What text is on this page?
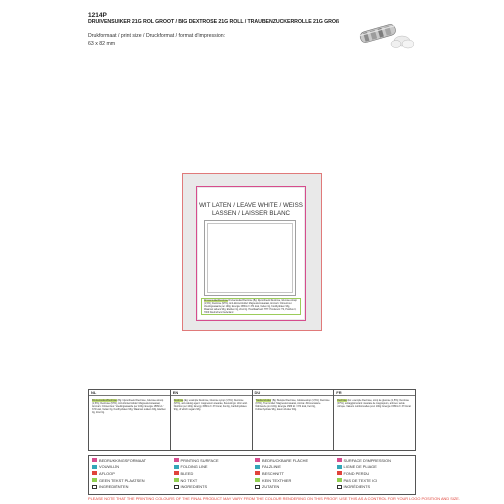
1214P
DRUIVENSUIKER 21G ROL GROOT / BIG DEXTROSE 21G ROLL / TRAUBENZUCKERROLLE 21G GROß
Drukformaat / print size / Druckformat / format d'impression:
63 x 82 mm
WIT LATEN / LEAVE WHITE / WEISS
LASSEN / LAISSER BLANC
Druivensuiker/Dextrose Druivensuiker/Dextrose (Bg: bijvoorbeeld Dextrose, Glucose-stroop (1,5%); Dextrose (97%), Anti-klontermiddel: Magnesiumstearaat, Aroma's: Citroenzuur. Voedingswaarde per 100g: Energie 1589 kJ / 374 kcal, Vetten 0g, Koolhydraten 93g, Waarvan suikers 93g, Eiwitten 0g, Zout 0g. Houdbaarheid: THT. Producent: TS, Postbus 0, 7000 Doetinchem Nederland
NL
Druivensuiker/Dextrose (Bg: bijvoorbeeld Dextrose, Glucose-stroop (1,5%); Dextrose (97%), Anti-klontermiddel: Magnesiumstearaat, Aroma's: Citroenzuur. Voedingswaarde per 100g: Energie 1589 kJ / 374 kcal, Vetten 0g, Koolhydraten 93g, Waarvan suikers 93g, Eiwitten 0g, Zout 0g.
EN
Dextrose (Eg: example Dextrose, Glucose syrup (1,5%); Dextrose (97%), anti-caking agent: magnesium stearate, flavourings: citric acid. Nutrition per 100g: Energy 1589 kJ / 374 kcal, Fat 0g, Carbohydrates 93g, of which sugars 93g.
DU
Traubenzucker (Bg: Beispiel Dextrose, Glukosesirup (1,5%); Dextrose (97%), Trennmittel: Magnesiumstearat, Aroma: Zitronensäure. Nährwerte pro 100g: Energie 1589 kJ / 374 kcal, Fett 0g, Kohlenhydrate 93g, davon Zucker 93g.
FR
Dextrose (Ex: exemple Dextrose, sirop de glucose (1,5%); Dextrose (97%), antiagglomérant: stéarate de magnésium, arômes: acide citrique. Valeurs nutritionnelles pour 100g: Énergie 1589 kJ / 374 kcal.
BEDRUKKINGSFORMAAT
VOUWLIJN
AFLOOP
GEEN TEKST PLAATSEN
INGREDIËNTEN
PRINTING SURFACE
FOLDING LINE
BLEED
NO TEXT
INGREDIENTS
BEDRUCKBARE FLÄCHE
FALZLINIE
BESCHNITT
KEIN TEXTHIER
ZUTATEN
SURFACE D'IMPRESSION
LIGNE DE PLIAGE
FOND PERDU
PAS DE TEXTE ICI
INGRÉDIENTS
PLEASE NOTE THAT THE PRINTING COLOURS OF THE FINAL PRODUCT MAY VARY FROM THE COLOUR RENDERING ON THIS PROOF. USE THIS AS A CONTROL FOR YOUR LOGO POSITION AND SIZE.
